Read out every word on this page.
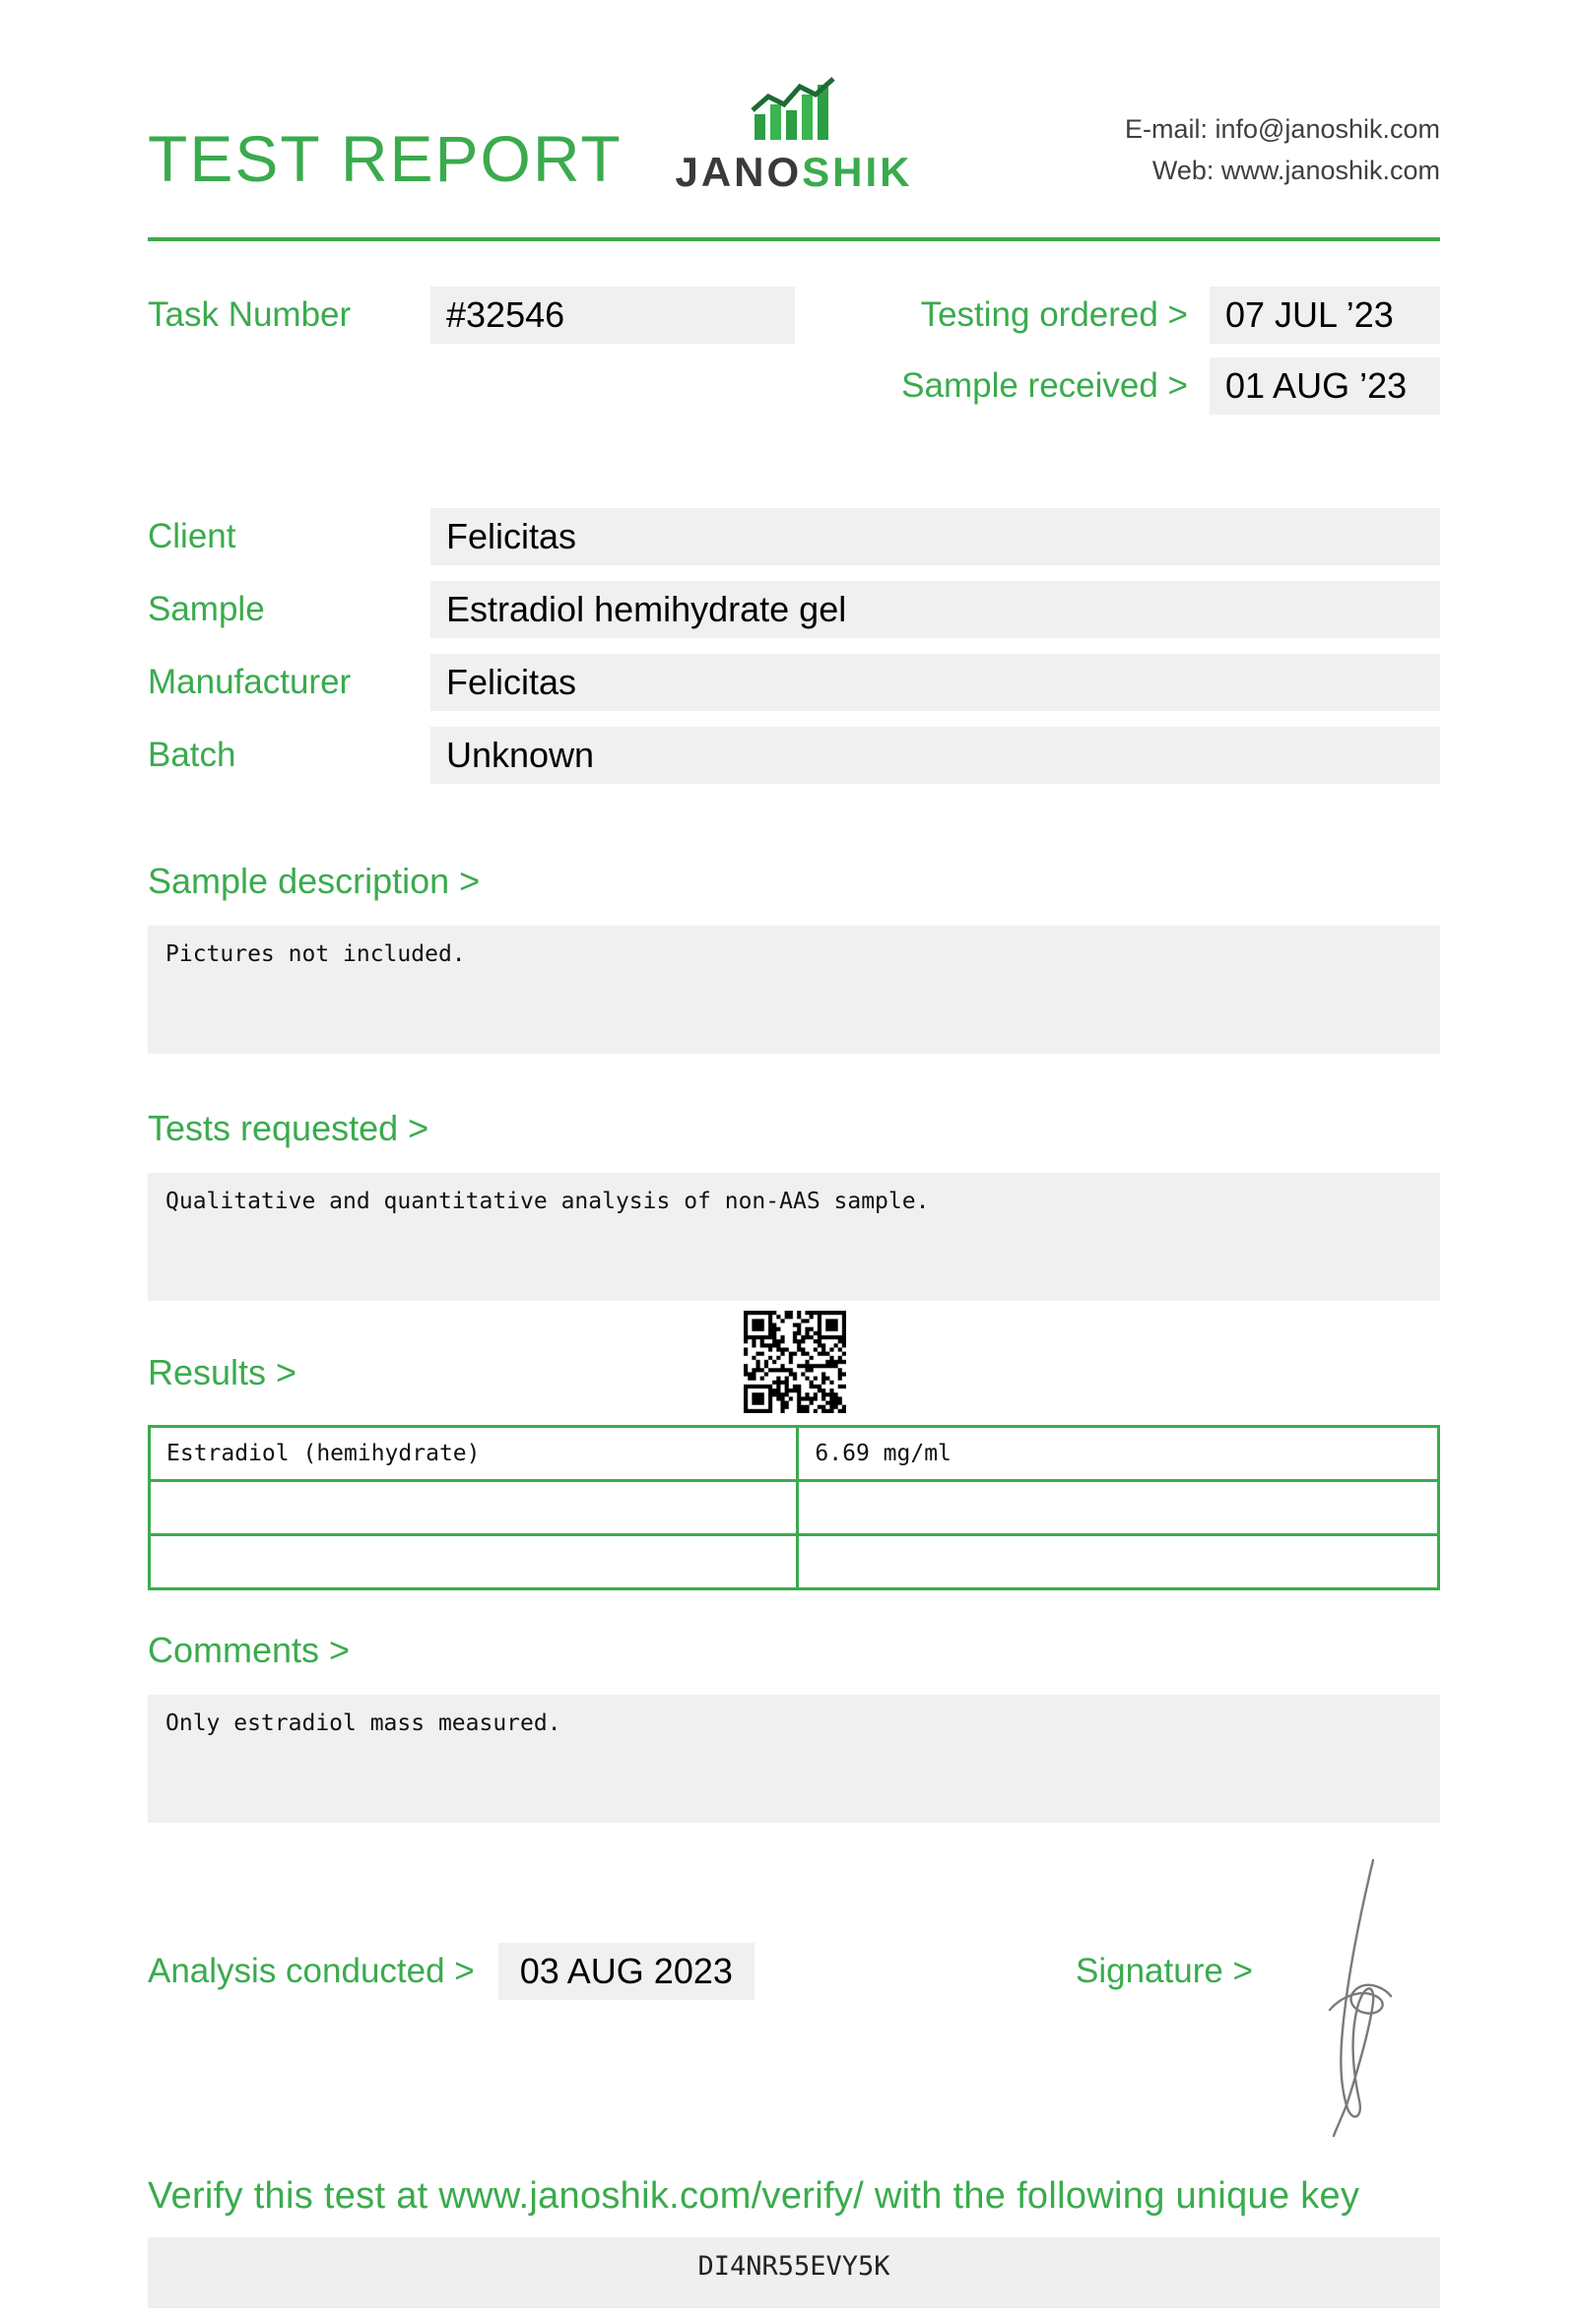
TEST REPORT	JANOSHIK
E-mail: info@janoshik.com
Web: www.janoshik.com
Task Number	#32546	Testing ordered >	07 JUL ’23
Sample received >	01 AUG ’23
Client	Felicitas
Sample	Estradiol hemihydrate gel
Manufacturer	Felicitas
Batch	Unknown
Sample description >
Pictures not included.
Tests requested >
Qualitative and quantitative analysis of non-AAS sample.
Results >
Estradiol (hemihydrate)	6.69 mg/ml

Comments >
Only estradiol mass measured.
Analysis conducted >	03 AUG 2023	Signature >
Verify this test at www.janoshik.com/verify/ with the following unique key
DI4NR55EVY5K
